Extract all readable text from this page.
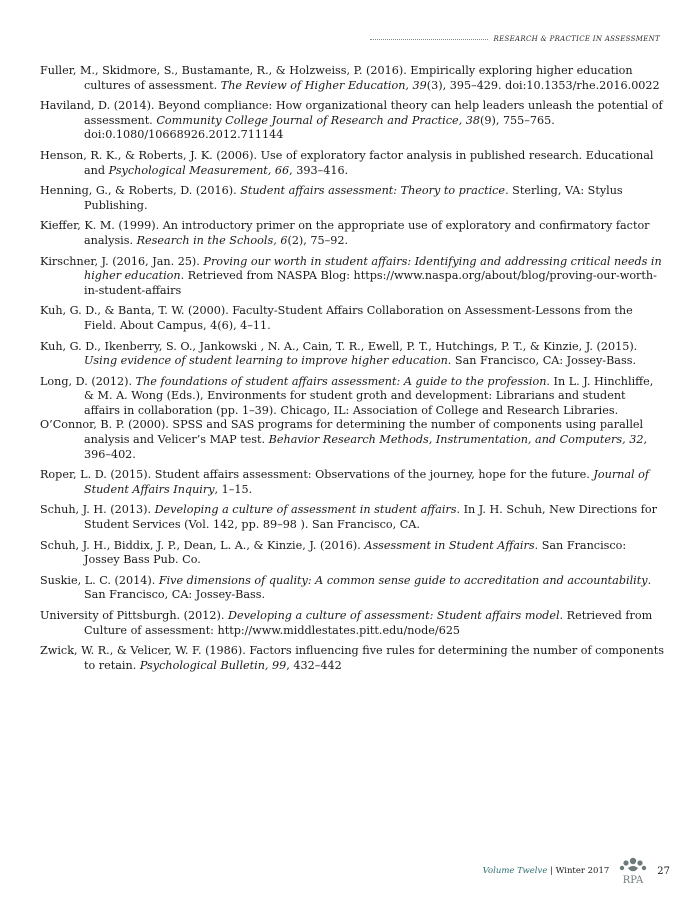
RESEARCH & PRACTICE IN ASSESSMENT

Fuller, M., Skidmore, S., Bustamante, R., & Holzweiss, P. (2016). Empirically exploring higher education cultures of assessment. The Review of Higher Education, 39(3), 395–429. doi:10.1353/rhe.2016.0022

Haviland, D. (2014). Beyond compliance: How organizational theory can help leaders unleash the potential of assessment. Community College Journal of Research and Practice, 38(9), 755–765. doi:0.1080/10668926.2012.711144

Henson, R. K., & Roberts, J. K. (2006). Use of exploratory factor analysis in published research. Educational and Psychological Measurement, 66, 393–416.

Henning, G., & Roberts, D. (2016). Student affairs assessment: Theory to practice. Sterling, VA: Stylus Publishing.

Kieffer, K. M. (1999). An introductory primer on the appropriate use of exploratory and confirmatory factor analysis. Research in the Schools, 6(2), 75–92.

Kirschner, J. (2016, Jan. 25). Proving our worth in student affairs: Identifying and addressing critical needs in higher education. Retrieved from NASPA Blog: https://www.naspa.org/about/blog/proving-our-worth-in-student-affairs

Kuh, G. D., & Banta, T. W. (2000). Faculty-Student Affairs Collaboration on Assessment-Lessons from the Field. About Campus, 4(6), 4–11.

Kuh, G. D., Ikenberry, S. O., Jankowski , N. A., Cain, T. R., Ewell, P. T., Hutchings, P. T., & Kinzie, J. (2015). Using evidence of student learning to improve higher education. San Francisco, CA: Jossey-Bass.

Long, D. (2012). The foundations of student affairs assessment: A guide to the profession. In L. J. Hinchliffe, & M. A. Wong (Eds.), Environments for student groth and development: Librarians and student affairs in collaboration (pp. 1–39). Chicago, IL: Association of College and Research Libraries.

O’Connor, B. P. (2000). SPSS and SAS programs for determining the number of components using parallel analysis and Velicer’s MAP test. Behavior Research Methods, Instrumentation, and Computers, 32, 396–402.

Roper, L. D. (2015). Student affairs assessment: Observations of the journey, hope for the future. Journal of Student Affairs Inquiry, 1–15.

Schuh, J. H. (2013). Developing a culture of assessment in student affairs. In J. H. Schuh, New Directions for Student Services (Vol. 142, pp. 89–98 ). San Francisco, CA.

Schuh, J. H., Biddix, J. P., Dean, L. A., & Kinzie, J. (2016). Assessment in Student Affairs. San Francisco: Jossey Bass Pub. Co.

Suskie, L. C. (2014). Five dimensions of quality: A common sense guide to accreditation and accountability. San Francisco, CA: Jossey-Bass.

University of Pittsburgh. (2012). Developing a culture of assessment: Student affairs model. Retrieved from Culture of assessment: http://www.middlestates.pitt.edu/node/625

Zwick, W. R., & Velicer, W. F. (1986). Factors influencing five rules for determining the number of components to retain. Psychological Bulletin, 99, 432–442

Volume Twelve | Winter 2017
RPA
27
